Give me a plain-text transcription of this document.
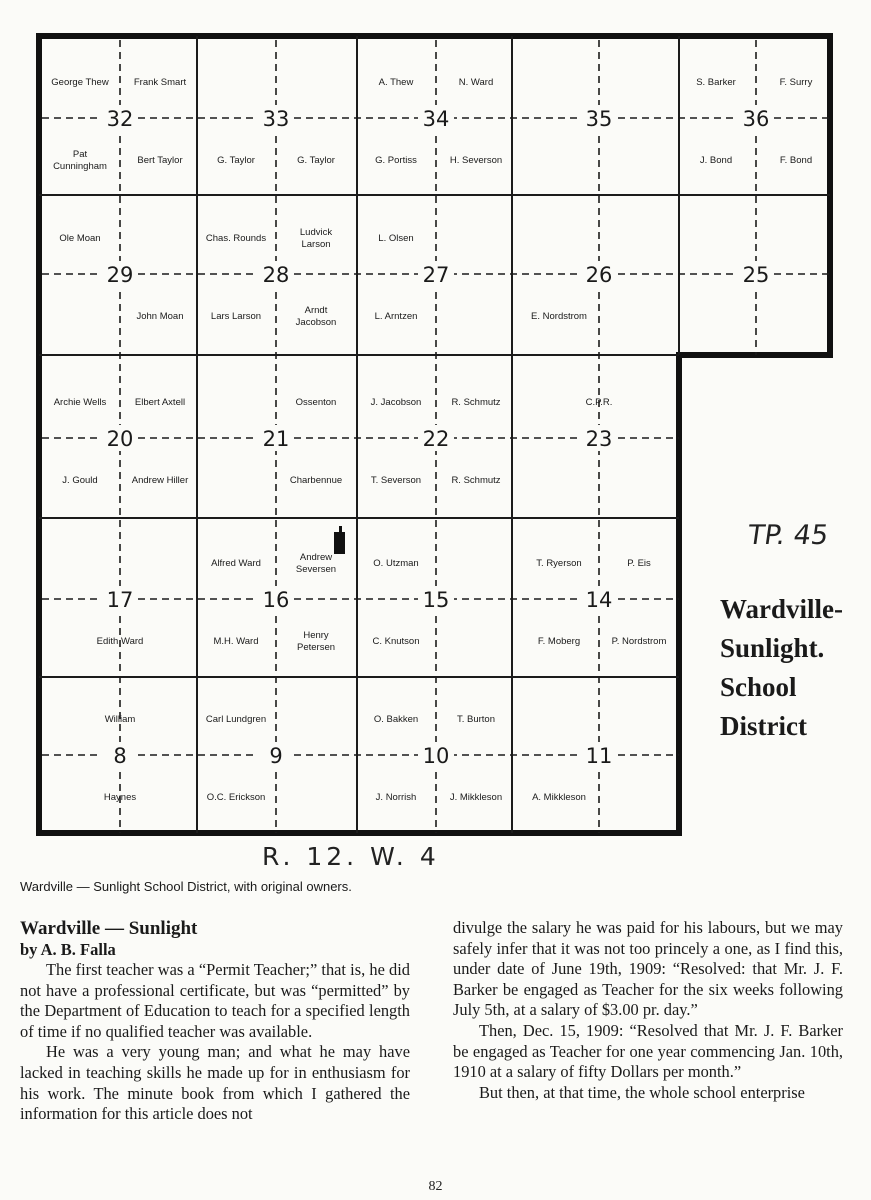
32	33	34	35	36
29	28	27	26	25
20	21	22	23
17	16	15	14
8	9	10	11
George Thew	Frank Smart
Pat Cunningham
Bert Taylor	G. Taylor	G. Taylor
A. Thew	N. Ward
G. Portiss	H. Severson
S. Barker	F. Surry
J. Bond	F. Bond
Ole Moan
John Moan
Chas. Rounds
Ludvick Larson
Lars Larson
Arndt Jacobson
L. Olsen
L. Arntzen	E. Nordstrom
Archie Wells	Elbert Axtell
J. Gould	Andrew Hiller
Ossenton
Charbennue
J. Jacobson	R. Schmutz
T. Severson	R. Schmutz
C.P.R.
Alfred Ward
Andrew Seversen
M.H. Ward
Henry Petersen
O. Utzman
C. Knutson
T. Ryerson	P. Eis
F. Moberg	P. Nordstrom
Edith Ward
William
Haynes
Carl Lundgren
O.C. Erickson
O. Bakken	T. Burton
J. Norrish	J. Mikkleson	A. Mikkleson
TP. 45
Wardville-
Sunlight.
School
District
R. 12. W. 4
Wardville — Sunlight School District, with original owners.
Wardville — Sunlight
by A. B. Falla

The first teacher was a “Permit Teacher;” that is, he did not have a professional certificate, but was “permitted” by the Department of Education to teach for a specified length of time if no qualified teacher was available.

He was a very young man; and what he may have lacked in teaching skills he made up for in enthusiasm for his work. The minute book from which I gathered the information for this article does not

divulge the salary he was paid for his labours, but we may safely infer that it was not too princely a one, as I find this, under date of June 19th, 1909: “Resolved: that Mr. J. F. Barker be engaged as Teacher for the six weeks following July 5th, at a salary of $3.00 pr. day.”

Then, Dec. 15, 1909: “Resolved that Mr. J. F. Barker be engaged as Teacher for one year commencing Jan. 10th, 1910 at a salary of fifty Dollars per month.”

But then, at that time, the whole school enterprise

82
